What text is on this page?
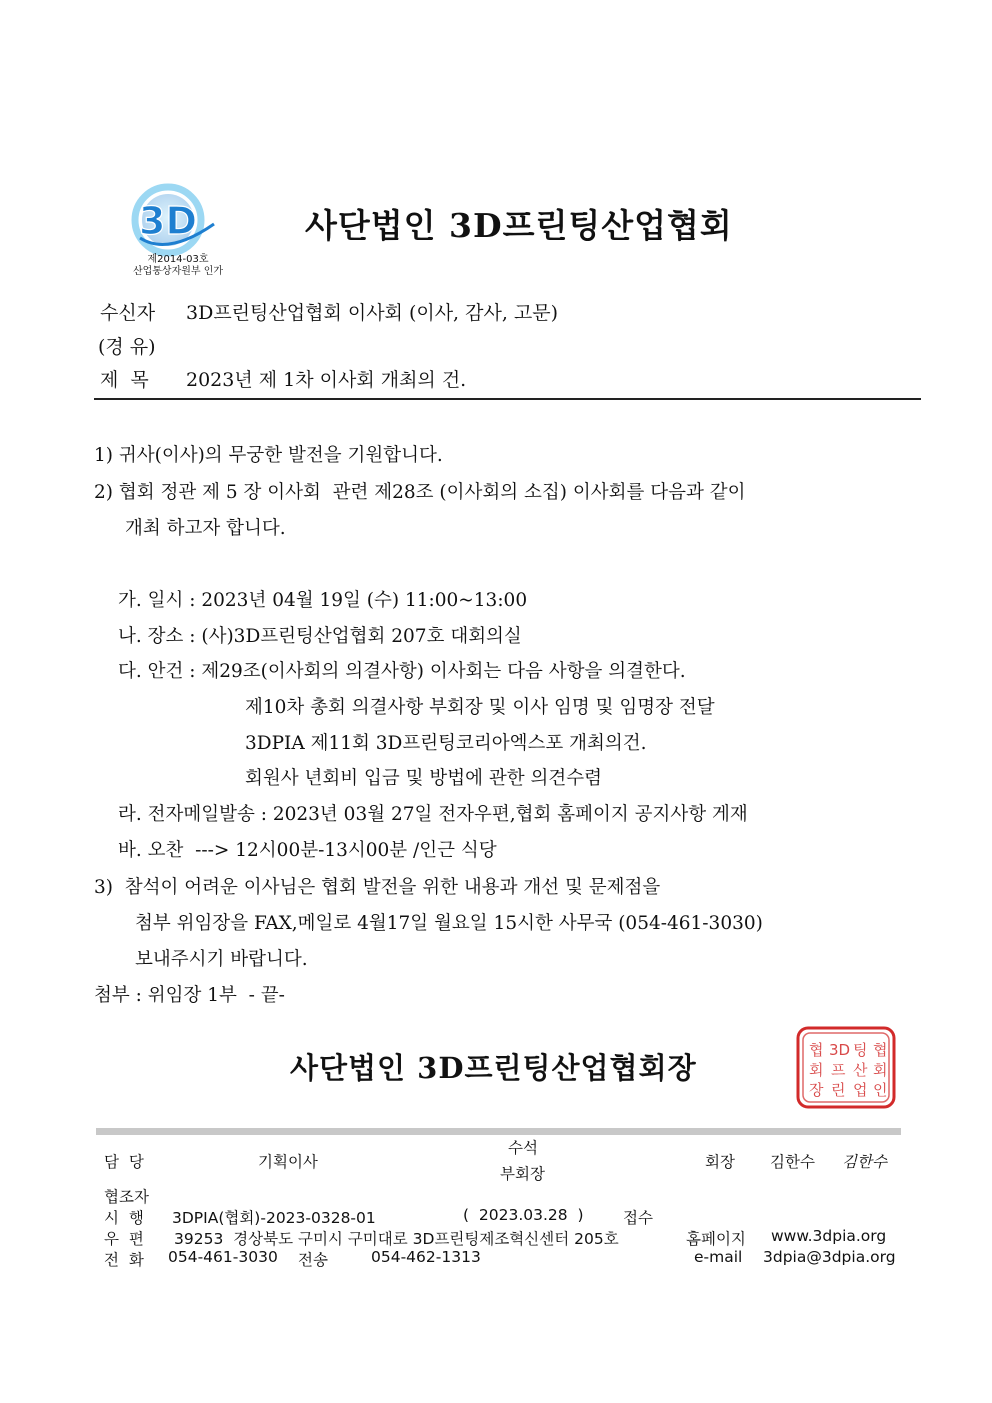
3D
제2014-03호
산업통상자원부 인가
사단법인 3D프린팅산업협회
수신자 3D프린팅산업협회 이사회 (이사, 감사, 고문)
(경 유)
제  목 2023년 제 1차 이사회 개최의 건.
1) 귀사(이사)의 무궁한 발전을 기원합니다.
2) 협회 정관 제 5 장 이사회  관련 제28조 (이사회의 소집) 이사회를 다음과 같이
개최 하고자 합니다.
가. 일시 : 2023년 04월 19일 (수) 11:00~13:00
나. 장소 : (사)3D프린팅산업협회 207호 대회의실
다. 안건 : 제29조(이사회의 의결사항) 이사회는 다음 사항을 의결한다.
제10차 총회 의결사항 부회장 및 이사 임명 및 임명장 전달
3DPIA 제11회 3D프린팅코리아엑스포 개최의건.
회원사 년회비 입금 및 방법에 관한 의견수렴
라. 전자메일발송 : 2023년 03월 27일 전자우편,협회 홈페이지 공지사항 게재
바. 오찬  ---> 12시00분-13시00분 /인근 식당
3)  참석이 어려운 이사님은 협회 발전을 위한 내용과 개선 및 문제점을
첨부 위임장을 FAX,메일로 4월17일 월요일 15시한 사무국 (054-461-3030)
보내주시기 바랍니다.
첨부 : 위임장 1부  - 끝-
사단법인 3D프린팅산업협회장
협
회
장
3D
프
린
팅
산
업
협
회
인
담  당	기획이사
수석
부회장
회장 김한수 김한수
협조자
시  행 3DPIA(협회)-2023-0328-01	(  2023.03.28  )	접수
우  편 39253  경상북도 구미시 구미대로 3D프린팅제조혁신센터 205호	홈페이지 www.3dpia.org
전  화 054-461-3030 전송	054-462-1313	e-mail 3dpia@3dpia.org
